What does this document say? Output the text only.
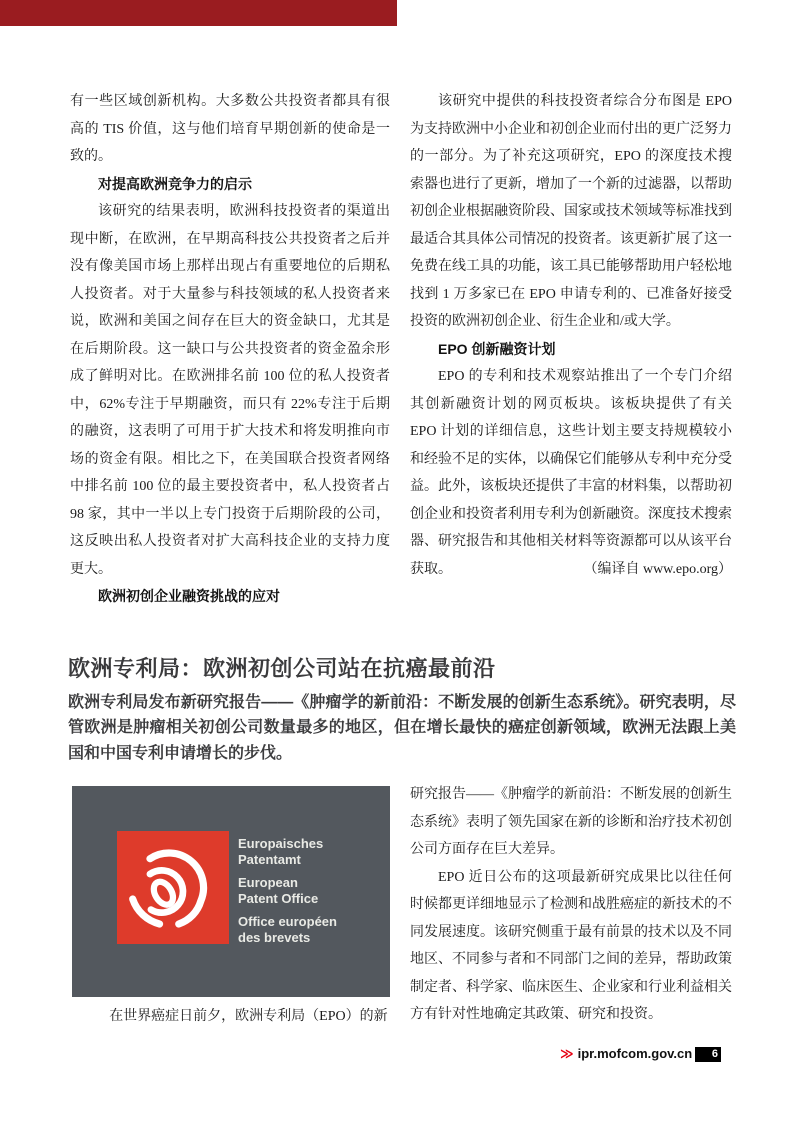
有一些区域创新机构。大多数公共投资者都具有很高的 TIS 价值，这与他们培育早期创新的使命是一致的。

对提高欧洲竞争力的启示

该研究的结果表明，欧洲科技投资者的渠道出现中断，在欧洲，在早期高科技公共投资者之后并没有像美国市场上那样出现占有重要地位的后期私人投资者。对于大量参与科技领域的私人投资者来说，欧洲和美国之间存在巨大的资金缺口，尤其是在后期阶段。这一缺口与公共投资者的资金盈余形成了鲜明对比。在欧洲排名前 100 位的私人投资者中，62%专注于早期融资，而只有 22%专注于后期的融资，这表明了可用于扩大技术和将发明推向市场的资金有限。相比之下，在美国联合投资者网络中排名前 100 位的最主要投资者中，私人投资者占 98 家，其中一半以上专门投资于后期阶段的公司，这反映出私人投资者对扩大高科技企业的支持力度更大。

欧洲初创企业融资挑战的应对

该研究中提供的科技投资者综合分布图是 EPO 为支持欧洲中小企业和初创企业而付出的更广泛努力的一部分。为了补充这项研究，EPO 的深度技术搜索器也进行了更新，增加了一个新的过滤器，以帮助初创企业根据融资阶段、国家或技术领域等标准找到最适合其具体公司情况的投资者。该更新扩展了这一免费在线工具的功能，该工具已能够帮助用户轻松地找到 1 万多家已在 EPO 申请专利的、已准备好接受投资的欧洲初创企业、衍生企业和/或大学。

EPO 创新融资计划

EPO 的专利和技术观察站推出了一个专门介绍其创新融资计划的网页板块。该板块提供了有关 EPO 计划的详细信息，这些计划主要支持规模较小和经验不足的实体，以确保它们能够从专利中充分受益。此外，该板块还提供了丰富的材料集，以帮助初创企业和投资者利用专利为创新融资。深度技术搜索器、研究报告和其他相关材料等资源都可以从该平台获取。	（编译自 www.epo.org）

欧洲专利局：欧洲初创公司站在抗癌最前沿

欧洲专利局发布新研究报告——《肿瘤学的新前沿：不断发展的创新生态系统》。研究表明，尽管欧洲是肿瘤相关初创公司数量最多的地区，但在增长最快的癌症创新领域，欧洲无法跟上美国和中国专利申请增长的步伐。

Europaisches
Patentamt
European
Patent Office
Office européen
des brevets

在世界癌症日前夕，欧洲专利局（EPO）的新

研究报告——《肿瘤学的新前沿：不断发展的创新生态系统》表明了领先国家在新的诊断和治疗技术初创公司方面存在巨大差异。

EPO 近日公布的这项最新研究成果比以往任何时候都更详细地显示了检测和战胜癌症的新技术的不同发展速度。该研究侧重于最有前景的技术以及不同地区、不同参与者和不同部门之间的差异，帮助政策制定者、科学家、临床医生、企业家和行业利益相关方有针对性地确定其政策、研究和投资。

≫ ipr.mofcom.gov.cn	6
